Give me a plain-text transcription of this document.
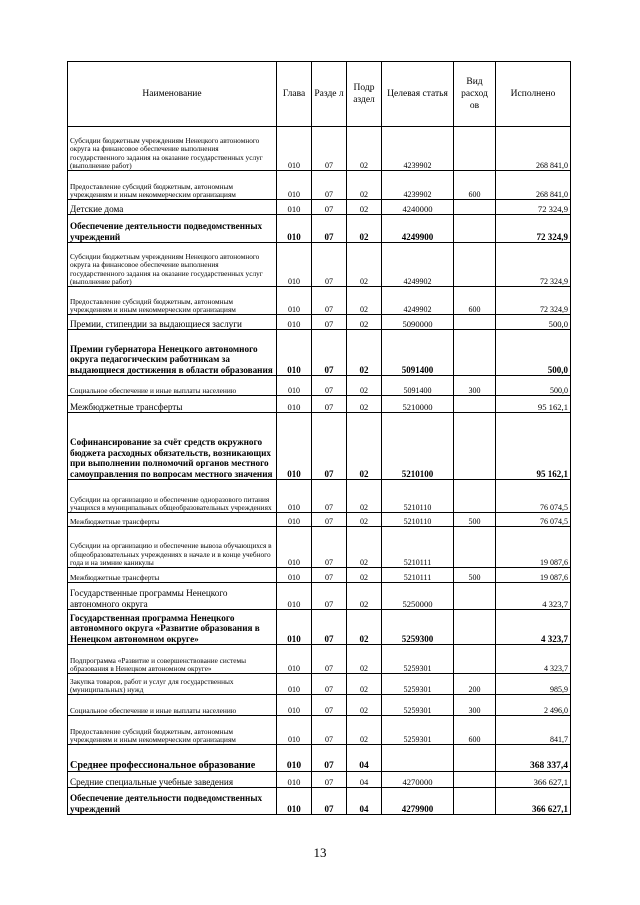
Наименование	Глава	Разде л	Подр аздел	Целевая статья	Вид расход ов	Исполнено
Субсидии бюджетным учреждениям Ненецкого автономного округа на финансовое обеспечение выполнения государственного задания на оказание государственных услуг (выполнение работ)	010	07	02	4239902		268 841,0
Предоставление субсидий бюджетным, автономным учреждениям и иным некоммерческим организациям	010	07	02	4239902	600	268 841,0
Детские дома	010	07	02	4240000		72 324,9
Обеспечение деятельности подведомственных учреждений	010	07	02	4249900		72 324,9
Субсидии бюджетным учреждениям Ненецкого автономного округа на финансовое обеспечение выполнения государственного задания на оказание государственных услуг (выполнение работ)	010	07	02	4249902		72 324,9
Предоставление субсидий бюджетным, автономным учреждениям и иным некоммерческим организациям	010	07	02	4249902	600	72 324,9
Премии, стипендии за выдающиеся заслуги	010	07	02	5090000		500,0
Премии губернатора Ненецкого автономного округа педагогическим работникам за выдающиеся достижения в области образования	010	07	02	5091400		500,0
Социальное обеспечение и иные выплаты населению	010	07	02	5091400	300	500,0
Межбюджетные трансферты	010	07	02	5210000		95 162,1
Софинансирование за счёт средств окружного бюджета расходных обязательств, возникающих при выполнении полномочий органов местного самоуправления по вопросам местного значения	010	07	02	5210100		95 162,1
Субсидии на организацию и обеспечение одноразового питания учащихся в муниципальных общеобразовательных учреждениях	010	07	02	5210110		76 074,5
Межбюджетные трансферты	010	07	02	5210110	500	76 074,5
Субсидии на организацию и обеспечение вывоза обучающихся в общеобразовательных учреждениях в начале и в конце учебного года и на зимние каникулы	010	07	02	5210111		19 087,6
Межбюджетные трансферты	010	07	02	5210111	500	19 087,6
Государственные программы Ненецкого автономного округа	010	07	02	5250000		4 323,7
Государственная программа Ненецкого автономного округа «Развитие образования в Ненецком автономном округе»	010	07	02	5259300		4 323,7
Подпрограмма «Развитие и совершенствование системы образования в Ненецком автономном округе»	010	07	02	5259301		4 323,7
Закупка товаров, работ и услуг для государственных (муниципальных) нужд	010	07	02	5259301	200	985,9
Социальное обеспечение и иные выплаты населению	010	07	02	5259301	300	2 496,0
Предоставление субсидий бюджетным, автономным учреждениям и иным некоммерческим организациям	010	07	02	5259301	600	841,7
Среднее профессиональное образование	010	07	04			368 337,4
Средние специальные учебные заведения	010	07	04	4270000		366 627,1
Обеспечение деятельности подведомственных учреждений	010	07	04	4279900		366 627,1
13
